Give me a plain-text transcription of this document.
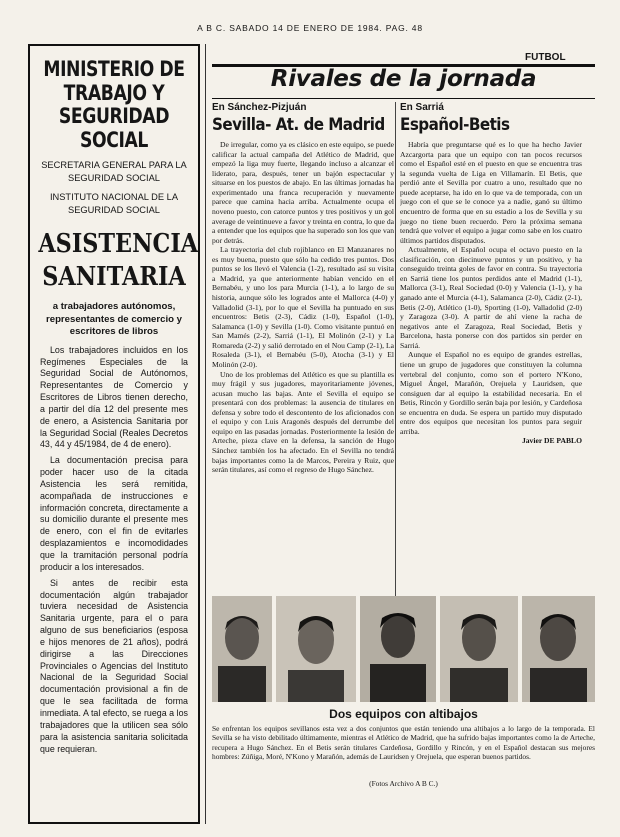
A B C. SABADO 14 DE ENERO DE 1984. PAG. 48
MINISTERIO DE TRABAJO Y SEGURIDAD SOCIAL
SECRETARIA GENERAL PARA LA SEGURIDAD SOCIAL
INSTITUTO NACIONAL DE LA SEGURIDAD SOCIAL
ASISTENCIA SANITARIA
a trabajadores autónomos, representantes de comercio y escritores de libros

Los trabajadores incluidos en los Regímenes Especiales de la Seguridad Social de Autónomos, Representantes de Comercio y Escritores de Libros tienen derecho, a partir del día 12 del presente mes de enero, a Asistencia Sanitaria por la Seguridad Social (Reales Decretos 43, 44 y 45/1984, de 4 de enero).

La documentación precisa para poder hacer uso de la citada Asistencia les será remitida, acompañada de instrucciones e información concreta, directamente a su domicilio durante el presente mes de enero, con el fin de evitarles desplazamientos e incomodidades que la tramitación personal podría producir a los interesados.

Si antes de recibir esta documentación algún trabajador tuviera necesidad de Asistencia Sanitaria urgente, para el o para alguno de sus beneficiarios (esposa e hijos menores de 21 años), podrá dirigirse a las Direcciones Provinciales o Agencias del Instituto Nacional de la Seguridad Social documentación provisional a fin de que le sea facilitada de forma inmediata. A tal efecto, se ruega a los trabajadores que la utilicen sea sólo para la asistencia sanitaria solicitada que requieran.

FUTBOL
Rivales de la jornada
En Sánchez-Pizjuán
Sevilla- At. de Madrid

De irregular, como ya es clásico en este equipo, se puede calificar la actual campaña del Atlético de Madrid, que empezó la liga muy fuerte, llegando incluso a alcanzar el liderato, para, después, tener un bajón espectacular y situarse en los puestos de abajo. En las últimas jornadas ha experimentado una franca recuperación y nuevamente parece que camina hacia arriba. Actualmente ocupa el noveno puesto, con catorce puntos y tres positivos y un gol average de veintinueve a favor y treinta en contra, lo que da a entender que los equipos que ha superado son los que van por detrás.

La trayectoria del club rojiblanco en El Manzanares no es muy buena, puesto que sólo ha cedido tres puntos. Dos puntos se los llevó el Valencia (1-2), resultado así su visita a Madrid, ya que anteriormente habían vencido en el Bernabéu, y uno los para Murcia (1-1), a lo largo de su historia, aunque sólo les logrados ante el Mallorca (4-0) y Valladolid (3-1), por lo que el Sevilla ha puntuado en sus encuentros: Betis (2-3), Cádiz (1-0), Español (1-0), Salamanca (1-0) y Sevilla (1-0). Como visitante puntuó en San Mamés (2-2), Sarriá (1-1), El Molinón (2-1) y La Romareda (2-2) y salió derrotado en el Nou Camp (2-1), La Rosaleda (3-1), el Bernabéu (5-0), Atocha (3-1) y El Molinón (2-0).

Uno de los problemas del Atlético es que su plantilla es muy frágil y sus jugadores, mayoritariamente jóvenes, acusan mucho las bajas. Ante el Sevilla el equipo se presentará con dos problemas: la ausencia de titulares en defensa y sobre todo el descontento de los aficionados con el equipo y con Luis Aragonés después del derrumbe del equipo en las pasadas jornadas. Posteriormente la lesión de Arteche, pieza clave en la defensa, la sanción de Hugo Sánchez también los ha afectado. En el Sevilla no tendrá bajas importantes como la de Marcos, Pereira y Ruiz, que serán titulares, así como el regreso de Hugo Sánchez.

En Sarriá
Español-Betis

Habría que preguntarse qué es lo que ha hecho Javier Azcargorta para que un equipo con tan pocos recursos como el Español esté en el puesto en que se encuentra tras la segunda vuelta de Liga en Villamarín. El Betis, que perdió ante el Sevilla por cuatro a uno, resultado que no puede aceptarse, ha ido en lo que va de temporada, con un juego con el que se le conoce ya a nadie, ganó su último encuentro de forma que en su estadio a los de Sevilla y su juego no tiene buen recuerdo. Pero la próxima semana tendrá que volver el equipo a jugar como sabe en los cuatro últimos partidos disputados.

Actualmente, el Español ocupa el octavo puesto en la clasificación, con diecinueve puntos y un positivo, y ha conseguido treinta goles de favor en contra. Su trayectoria en Sarriá tiene los puntos perdidos ante el Madrid (1-1), Mallorca (3-1), Real Sociedad (0-0) y Valencia (1-1), y ha ganado ante el Murcia (4-1), Salamanca (2-0), Cádiz (2-1), Betis (2-0), Atlético (1-0), Sporting (1-0), Valladolid (2-0) y Zaragoza (3-0). A partir de ahí viene la racha de negativos ante el Zaragoza, Real Sociedad, Betis y Barcelona, hasta ponerse con dos partidos sin perder en Sarriá.

Aunque el Español no es equipo de grandes estrellas, tiene un grupo de jugadores que constituyen la columna vertebral del conjunto, como son el portero N'Kono, Miguel Ángel, Marañón, Orejuela y Lauridsen, que consiguen dar al equipo la estabilidad necesaria. En el Betis, Rincón y Gordillo serán baja por lesión, y Cardeñosa se encuentra en duda. Se espera un partido muy disputado entre dos equipos que necesitan los puntos para seguir arriba.

Javier DE PABLO

Dos equipos con altibajos
Se enfrentan los equipos sevillanos esta vez a dos conjuntos que están teniendo una altibajos a lo largo de la temporada. El Sevilla se ha visto debilitado últimamente, mientras el Atlético de Madrid, que ha sufrido bajas importantes como la de Arteche, recupera a Hugo Sánchez. En el Betis serán titulares Cardeñosa, Gordillo y Rincón, y en el Español destacan sus mejores hombres: Zúñiga, Moré, N'Kono y Marañón, además de Lauridsen y Orejuela, que esperan buenos partidos.
(Fotos Archivo A B C.)
